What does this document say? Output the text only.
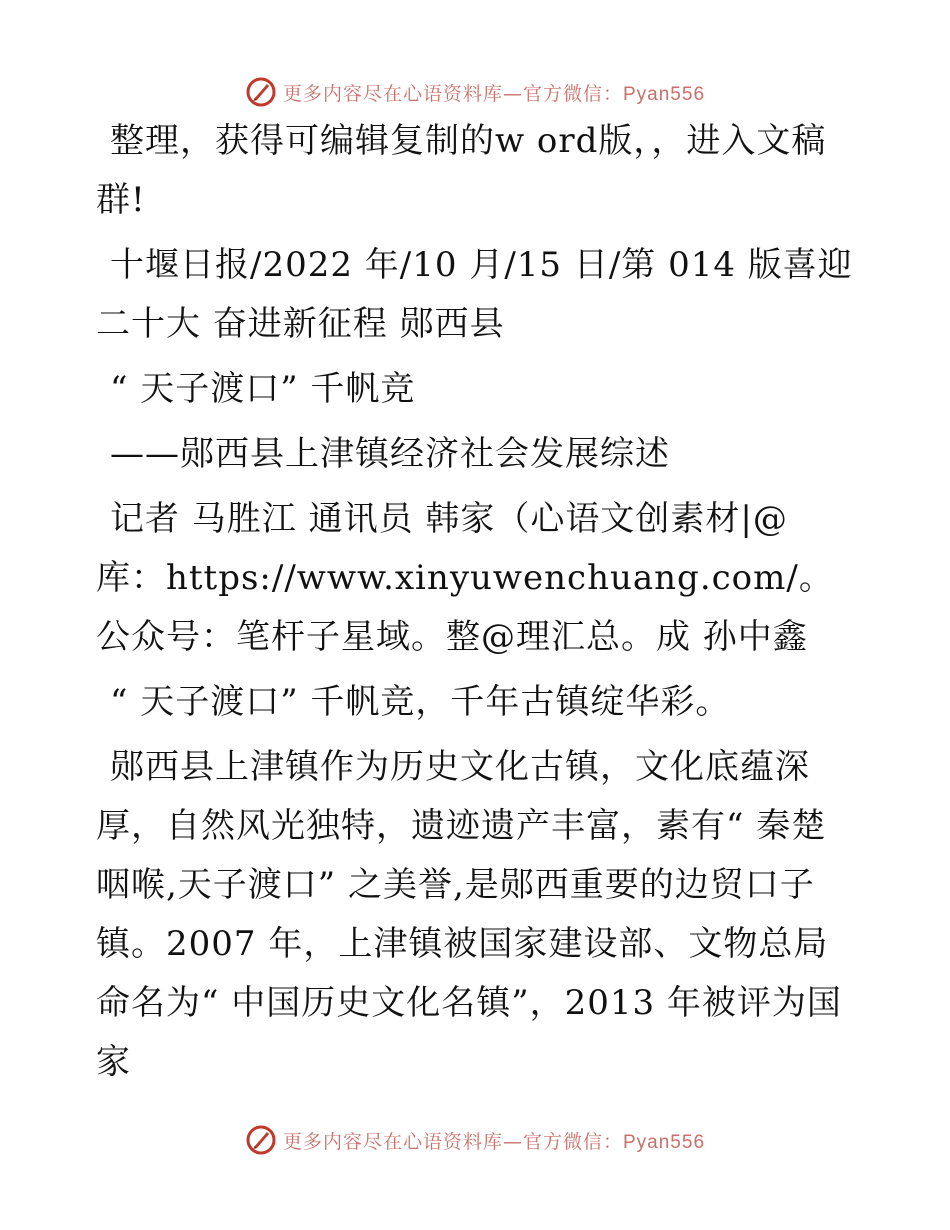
更多内容尽在心语资料库—官方微信：Pyan556

整理，获得可编辑复制的w ord版，，进入文稿群!

十堰日报/2022 年/10 月/15 日/第 014 版喜迎二十大 奋进新征程 郧西县

“ 天子渡口” 千帆竞

——郧西县上津镇经济社会发展综述

记者 马胜江 通讯员 韩家（心语文创素材|@库：https://www.xinyuwenchuang.com/。公众号：笔杆子星域。整@理汇总。成 孙中鑫

“ 天子渡口” 千帆竞，千年古镇绽华彩。

郧西县上津镇作为历史文化古镇，文化底蕴深厚，自然风光独特，遗迹遗产丰富，素有“ 秦楚咽喉,天子渡口” 之美誉,是郧西重要的边贸口子镇。2007 年，上津镇被国家建设部、文物总局命名为“ 中国历史文化名镇”，2013 年被评为国家

更多内容尽在心语资料库—官方微信：Pyan556
